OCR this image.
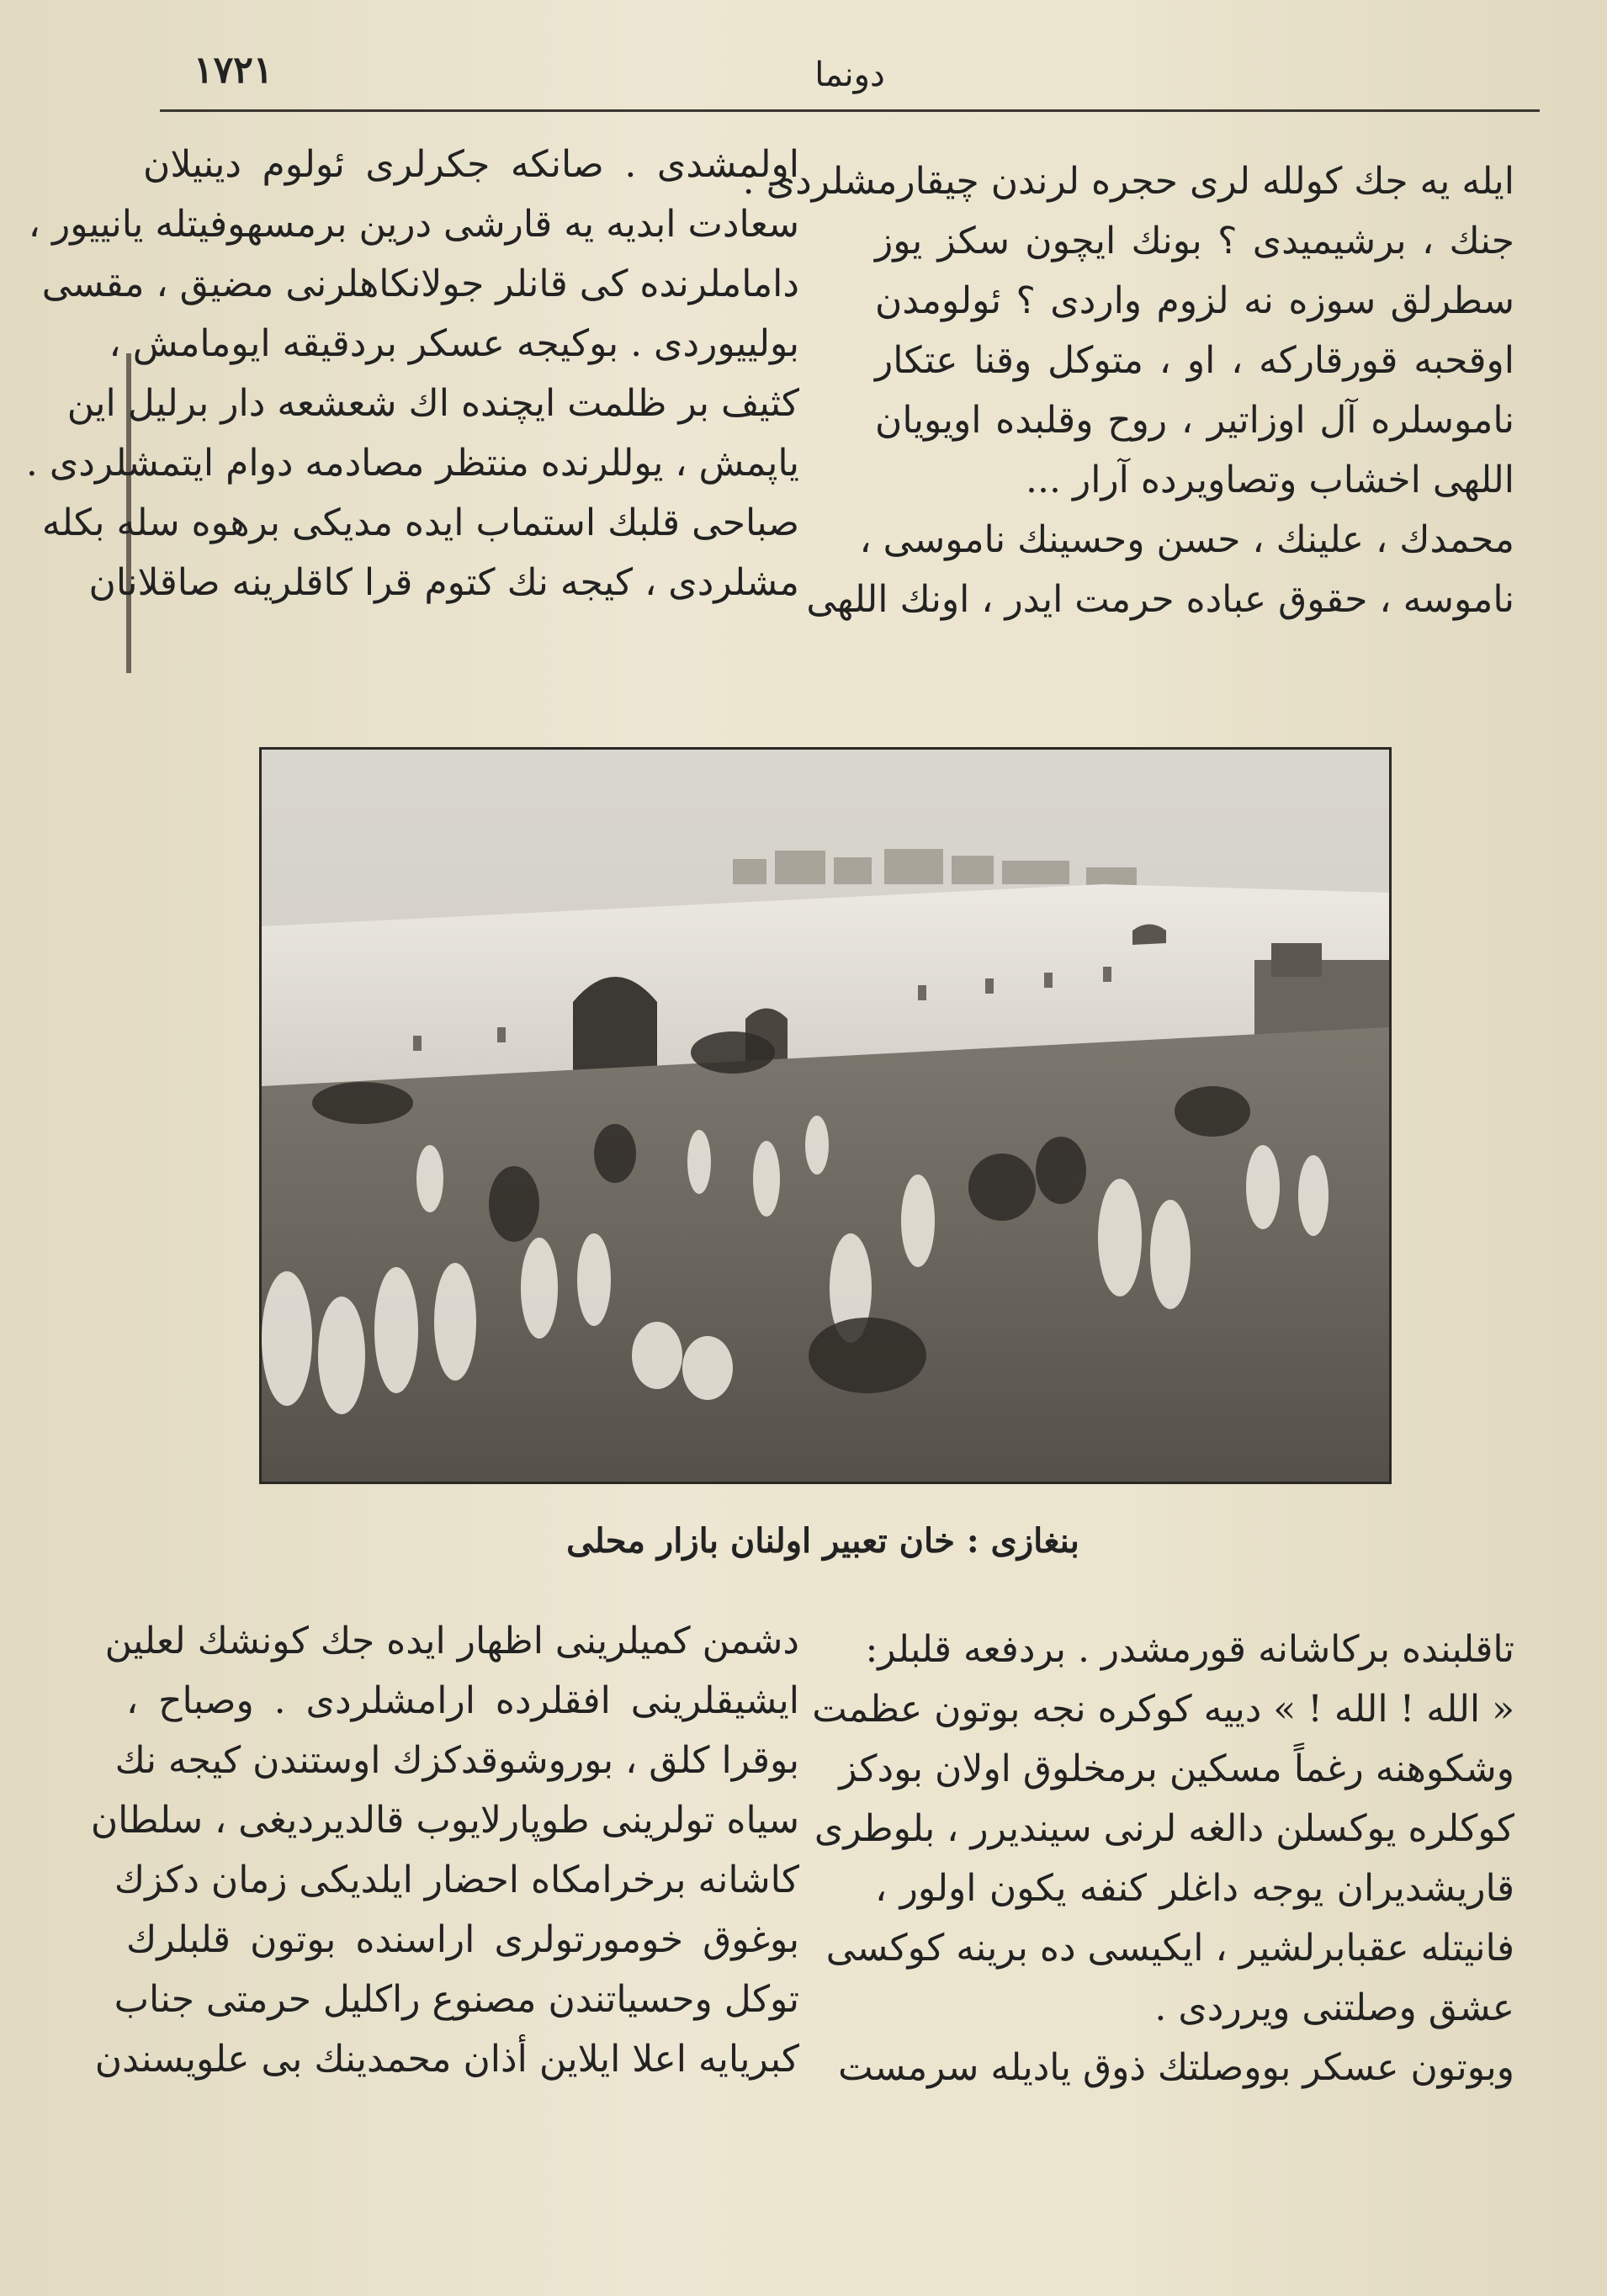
١٧٢١	دونما
ایله یه جك کولله لری حجره لرندن چیقارمشلردی .
جنك ، برشیمیدی ؟ بونك ایچون سکز یوز
سطرلق سوزه نه لزوم واردی ؟ ئولومدن
اوقحبه قورقارکه ، او ، متوکل وقنا عتکار
ناموسلره آل اوزاتیر ، روح وقلبده اویویان
اللهی اخشاب وتصاویرده آرار ...
محمدك ، علینك ، حسن وحسینك ناموسی ،
ناموسه ، حقوق عباده حرمت ایدر ، اونك اللهی
اولمشدی . صانکه جکرلری ئولوم دینیلان
سعادت ابدیه یه قارشی درین برمسهوفیتله یانییور ،
داماملرنده کی قانلر جولانکاهلرنی مضیق ، مقسی
بولییوردی . بوکیجه عسکر بردقیقه ایومامش ،
کثیف بر ظلمت ایچنده اك شعشعه دار برلیل این
یاپمش ، یوللرنده منتظر مصادمه دوام ایتمشلردی .
صباحی قلبك استماب ایده مدیکی برهوه سله بکله
مشلردی ، کیجه نك کتوم قرا کاقلرینه صاقلانان
بنغازی : خان تعبیر اولنان بازار محلی
تاقلبنده برکاشانه قورمشدر . بردفعه قلبلر:
« الله ! الله ! » دییه کوکره نجه بوتون عظمت
وشکوهنه رغماً مسکین برمخلوق اولان بودکز
کوکلره یوکسلن دالغه لرنی سیندیرر ، بلوطری
قاریشدیران یوجه داغلر کنفه یکون اولور ،
فانیتله عقبابرلشیر ، ایکیسی ده برینه کوکسی
عشق وصلتنی ویرردی .
وبوتون عسکر بووصلتك ذوق یادیله سرمست
دشمن کمیلرینی اظهار ایده جك کونشك لعلین
ایشیقلرینی افقلرده ارامشلردی . وصباح ،
بوقرا کلق ، بوروشوقدکزك اوستندن کیجه نك
سیاه تولرینی طوپارلایوب قالدیردیغی ، سلطان
کاشانه برخرامکاه احضار ایلدیکی زمان دکزك
بوغوق خومورتولری اراسنده بوتون قلبلرك
توکل وحسیاتندن مصنوع راکلیل حرمتی جناب
کبریایه اعلا ایلاین أذان محمدینك بی علویسندن
